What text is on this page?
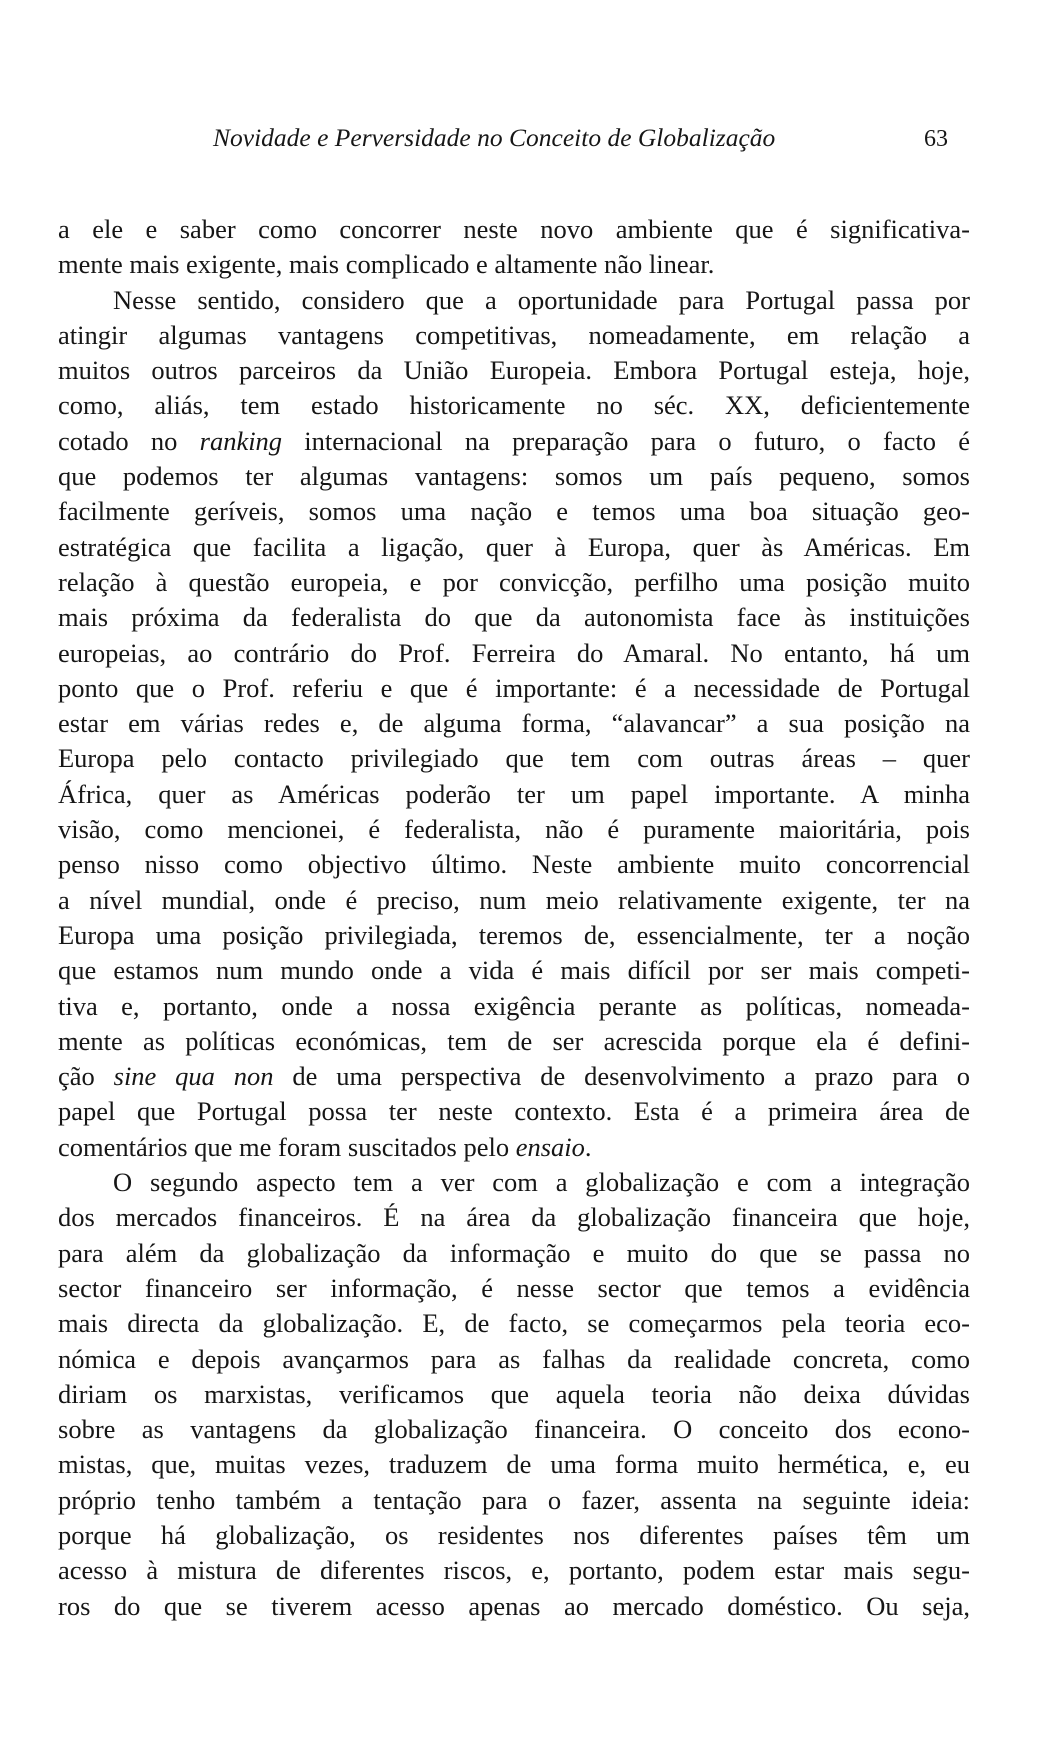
Novidade e Perversidade no Conceito de Globalização	63
a ele e saber como concorrer neste novo ambiente que é significativa-
mente mais exigente, mais complicado e altamente não linear.
Nesse sentido, considero que a oportunidade para Portugal passa por
atingir algumas vantagens competitivas, nomeadamente, em relação a
muitos outros parceiros da União Europeia. Embora Portugal esteja, hoje,
como, aliás, tem estado historicamente no séc. XX, deficientemente
cotado no ranking internacional na preparação para o futuro, o facto é
que podemos ter algumas vantagens: somos um país pequeno, somos
facilmente geríveis, somos uma nação e temos uma boa situação geo-
estratégica que facilita a ligação, quer à Europa, quer às Américas. Em
relação à questão europeia, e por convicção, perfilho uma posição muito
mais próxima da federalista do que da autonomista face às instituições
europeias, ao contrário do Prof. Ferreira do Amaral. No entanto, há um
ponto que o Prof. referiu e que é importante: é a necessidade de Portugal
estar em várias redes e, de alguma forma, “alavancar” a sua posição na
Europa pelo contacto privilegiado que tem com outras áreas – quer
África, quer as Américas poderão ter um papel importante. A minha
visão, como mencionei, é federalista, não é puramente maioritária, pois
penso nisso como objectivo último. Neste ambiente muito concorrencial
a nível mundial, onde é preciso, num meio relativamente exigente, ter na
Europa uma posição privilegiada, teremos de, essencialmente, ter a noção
que estamos num mundo onde a vida é mais difícil por ser mais competi-
tiva e, portanto, onde a nossa exigência perante as políticas, nomeada-
mente as políticas económicas, tem de ser acrescida porque ela é defini-
ção sine qua non de uma perspectiva de desenvolvimento a prazo para o
papel que Portugal possa ter neste contexto. Esta é a primeira área de
comentários que me foram suscitados pelo ensaio.
O segundo aspecto tem a ver com a globalização e com a integração
dos mercados financeiros. É na área da globalização financeira que hoje,
para além da globalização da informação e muito do que se passa no
sector financeiro ser informação, é nesse sector que temos a evidência
mais directa da globalização. E, de facto, se começarmos pela teoria eco-
nómica e depois avançarmos para as falhas da realidade concreta, como
diriam os marxistas, verificamos que aquela teoria não deixa dúvidas
sobre as vantagens da globalização financeira. O conceito dos econo-
mistas, que, muitas vezes, traduzem de uma forma muito hermética, e, eu
próprio tenho também a tentação para o fazer, assenta na seguinte ideia:
porque há globalização, os residentes nos diferentes países têm um
acesso à mistura de diferentes riscos, e, portanto, podem estar mais segu-
ros do que se tiverem acesso apenas ao mercado doméstico. Ou seja,
